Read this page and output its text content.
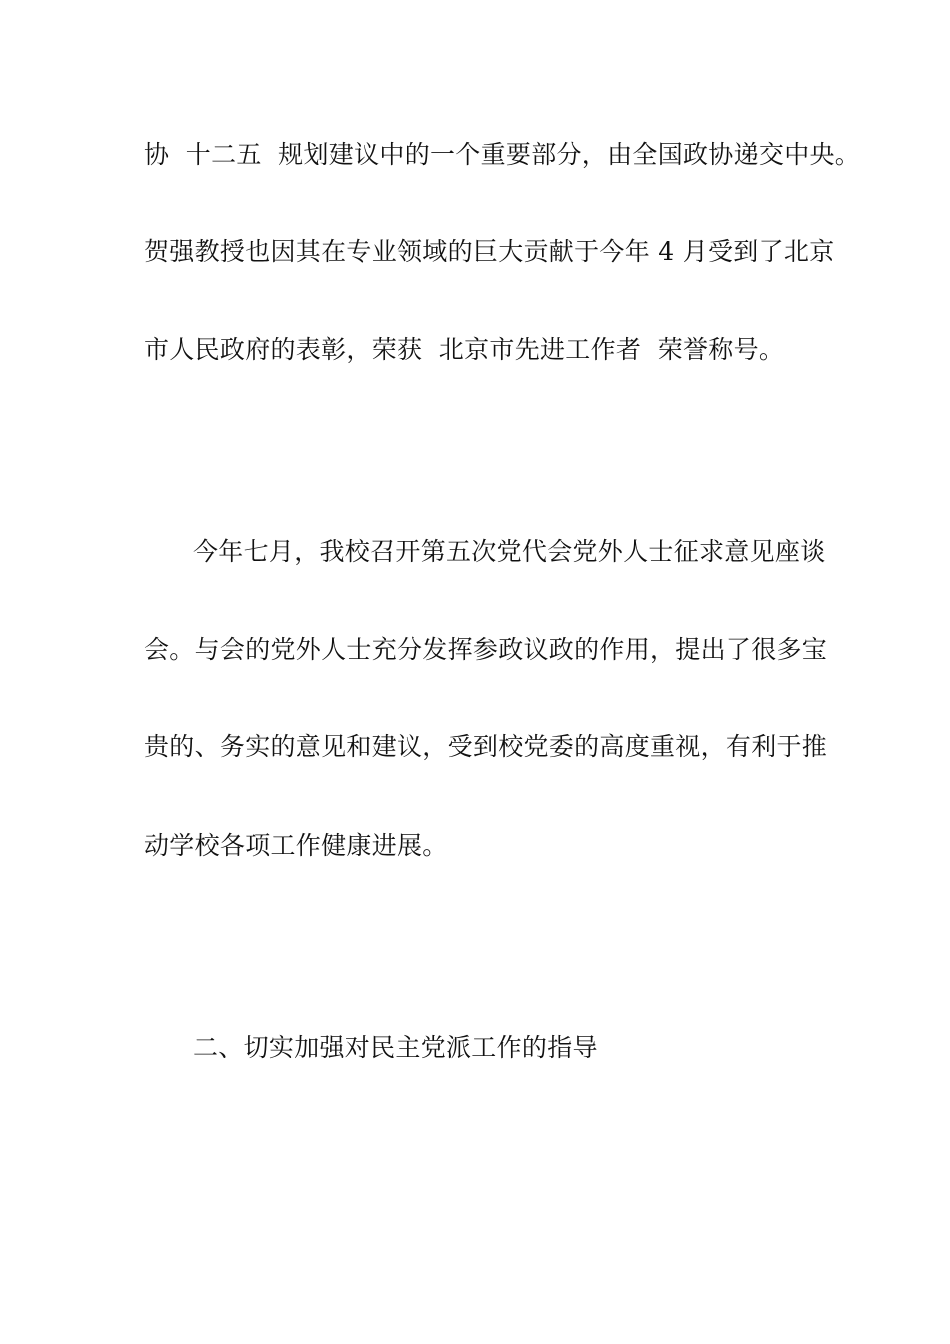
协  十二五  规划建议中的一个重要部分，由全国政协递交中央。
贺强教授也因其在专业领域的巨大贡献于今年 4 月受到了北京
市人民政府的表彰，荣获  北京市先进工作者  荣誉称号。
今年七月，我校召开第五次党代会党外人士征求意见座谈
会。与会的党外人士充分发挥参政议政的作用，提出了很多宝
贵的、务实的意见和建议，受到校党委的高度重视，有利于推
动学校各项工作健康进展。
二、切实加强对民主党派工作的指导
